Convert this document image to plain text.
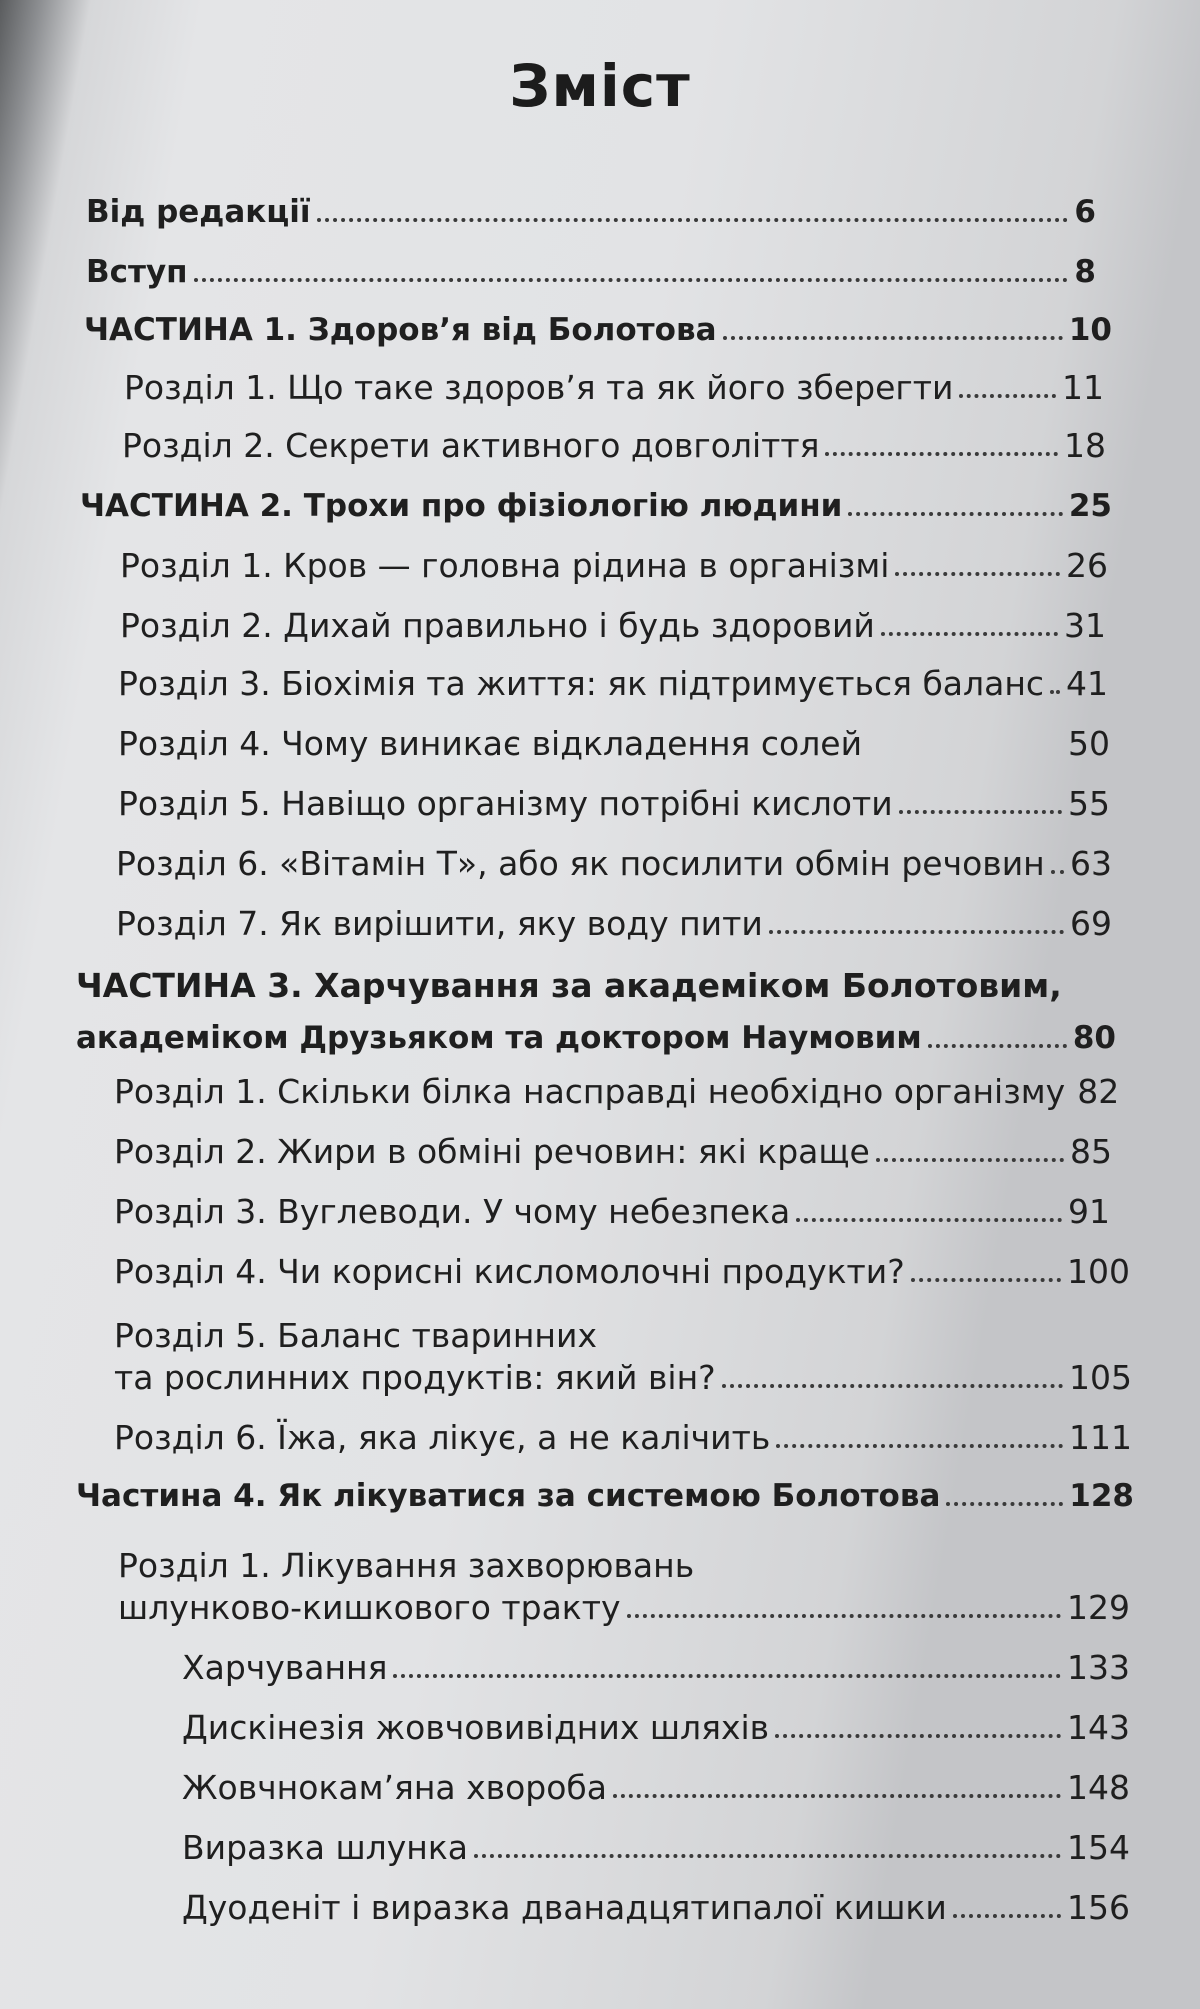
Зміст
Від редакції	6
Вступ	8
ЧАСТИНА 1. Здоров’я від Болотова	10
Розділ 1. Що таке здоров’я та як його зберегти	11
Розділ 2. Секрети активного довголіття	18
ЧАСТИНА 2. Трохи про фізіологію людини	25
Розділ 1. Кров — головна рідина в організмі	26
Розділ 2. Дихай правильно і будь здоровий	31
Розділ 3. Біохімія та життя: як підтримується баланс 41
Розділ 4. Чому виникає відкладення солей	50
Розділ 5. Навіщо організму потрібні кислоти	55
Розділ 6. «Вітамін Т», або як посилити обмін речовин 63
Розділ 7. Як вирішити, яку воду пити	69
ЧАСТИНА 3. Харчування за академіком Болотовим,
академіком Друзьяком та доктором Наумовим	80
Розділ 1. Скільки білка насправді необхідно організму 82
Розділ 2. Жири в обміні речовин: які краще	85
Розділ 3. Вуглеводи. У чому небезпека	91
Розділ 4. Чи корисні кисломолочні продукти?	100
Розділ 5. Баланс тваринних
та рослинних продуктів: який він?	105
Розділ 6. Їжа, яка лікує, а не калічить	111
Частина 4. Як лікуватися за системою Болотова	128
Розділ 1. Лікування захворювань
шлунково-кишкового тракту	129
Харчування	133
Дискінезія жовчовивідних шляхів	143
Жовчнокам’яна хвороба	148
Виразка шлунка	154
Дуоденіт і виразка дванадцятипалої кишки	156
